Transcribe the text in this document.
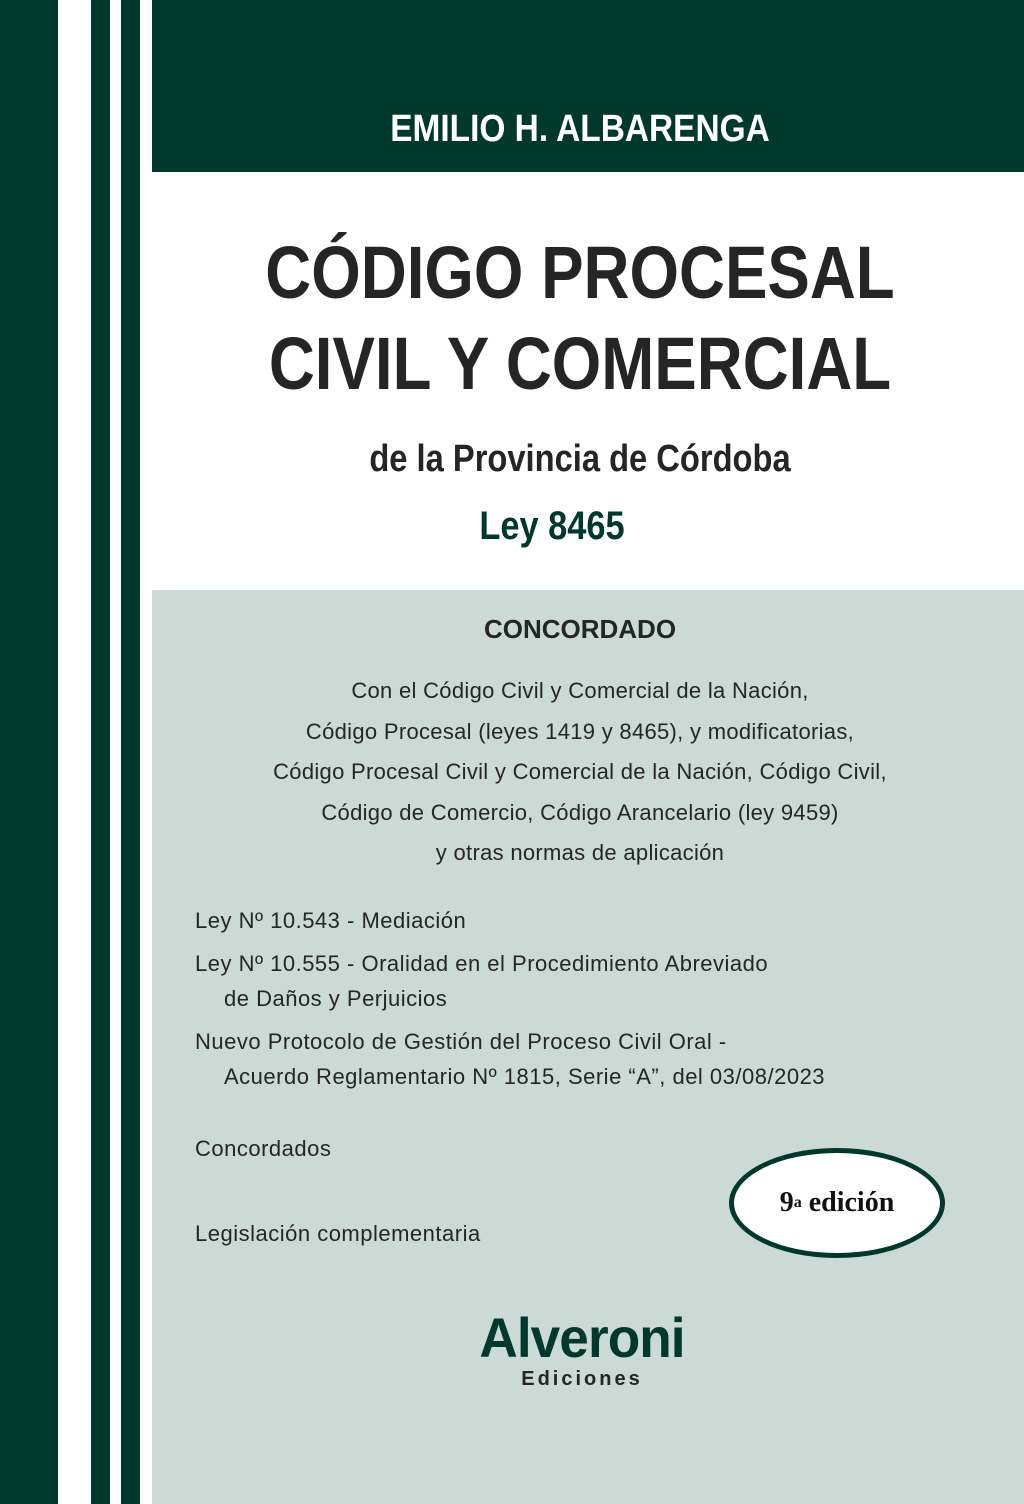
EMILIO H. ALBARENGA
CÓDIGO PROCESAL
CIVIL Y COMERCIAL
de la Provincia de Córdoba
Ley 8465
CONCORDADO
Con el Código Civil y Comercial de la Nación,
Código Procesal (leyes 1419 y 8465), y modificatorias,
Código Procesal Civil y Comercial de la Nación, Código Civil,
Código de Comercio, Código Arancelario (ley 9459)
y otras normas de aplicación
Ley Nº 10.543 - Mediación
Ley Nº 10.555 - Oralidad en el Procedimiento Abreviado
de Daños y Perjuicios
Nuevo Protocolo de Gestión del Proceso Civil Oral -
Acuerdo Reglamentario Nº 1815, Serie “A”, del 03/08/2023
Concordados
Legislación complementaria
9 a
edición
Alveroni
Ediciones
